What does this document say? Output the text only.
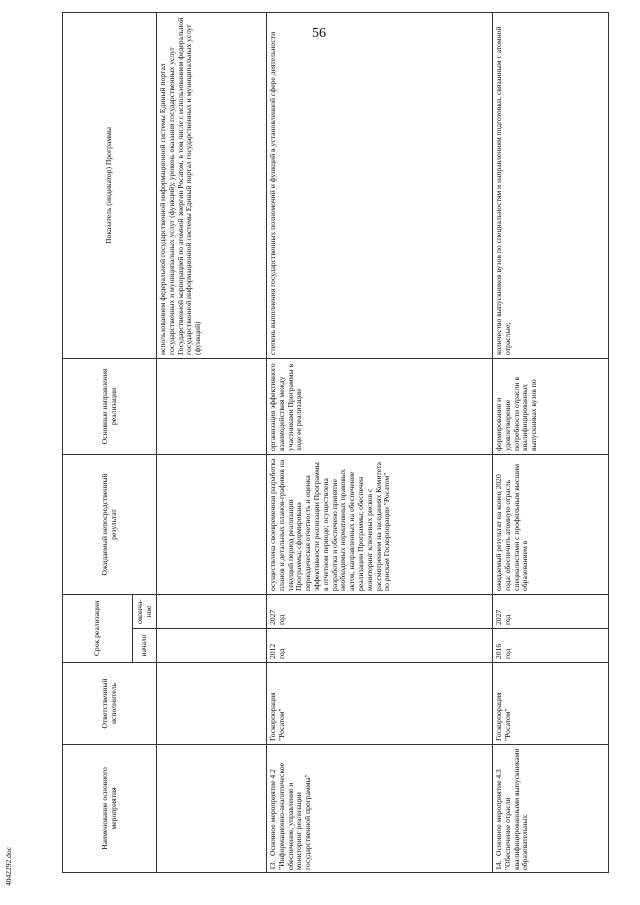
56
4042292.doc
Наименование основного мероприятия	Ответственный исполнитель	Срок реализации		Ожидаемый непосредственный результат	Основные направления реализации	Показатель (индикатор) Программы
		начало	оконча-ние			
						использованием федеральной государственной информационной системы Единый портал государственных и муниципальных услуг (функций); уровень оказания государственных услуг Государственной корпорацией по атомной энергии Росатом, в том числе с использованием федеральной государственной информационной системы Единый портал государственных и муниципальных услуг (функций)
13.Основное мероприятие 4.2 "Информационно-аналитическое обеспечение, управление и мониторинг реализации государственной программы"	Госкорпорация "Росатом"	2012 год	2027 год	осуществлена своевременная разработка планов и детальных планов-графиков на текущий период реализации Программы; сформирована периодическая отчетность и оценка эффективности реализации Программы в отчетном периоде; осуществлена разработка и обеспечено принятие необходимых нормативных правовых актов, направленных на обеспечение реализации Программы; обеспечен мониторинг ключевых рисков с рассмотрением на заседаниях Комитета по рискам Госкорпорации "Росатом"	организация эффективного взаимодействия между участниками Программы в ходе ее реализации	степень выполнения государственных полномочий и функций в установленной сфере деятельности
14.Основное мероприятие 4.3 "Обеспечение отрасли квалифицированными выпускниками образовательных	Госкорпорация "Росатом"	2016 год	2027 год	ожидаемый результат на конец 2020 года: обеспечить атомную отрасль специалистами с профильным высшим образованием в	формирование и удовлетворение потребности отрасли в квалифицированных выпускниках вузов по	количество выпускников вузов по специальностям и направлениям подготовки, связанным с атомной отраслью;
